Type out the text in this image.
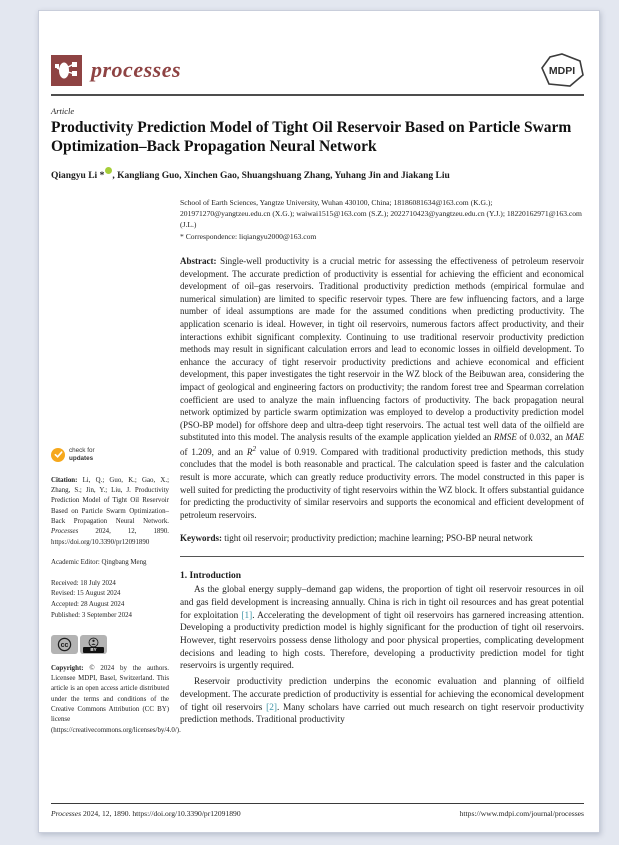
processes	MDPI
Article
Productivity Prediction Model of Tight Oil Reservoir Based on Particle Swarm Optimization–Back Propagation Neural Network
Qiangyu Li * , Kangliang Guo, Xinchen Gao, Shuangshuang Zhang, Yuhang Jin and Jiakang Liu
check for
updates
Citation: Li, Q.; Guo, K.; Gao, X.; Zhang, S.; Jin, Y.; Liu, J. Productivity Prediction Model of Tight Oil Reservoir Based on Particle Swarm Optimization–Back Propagation Neural Network. Processes 2024, 12, 1890. https://doi.org/10.3390/pr12091890
Academic Editor: Qingbang Meng
Received: 18 July 2024
Revised: 15 August 2024
Accepted: 28 August 2024
Published: 3 September 2024
cc
BY
Copyright: © 2024 by the authors. Licensee MDPI, Basel, Switzerland. This article is an open access article distributed under the terms and conditions of the Creative Commons Attribution (CC BY) license (https://creativecommons.org/licenses/by/4.0/).
School of Earth Sciences, Yangtze University, Wuhan 430100, China; 18186081634@163.com (K.G.); 201971270@yangtzeu.edu.cn (X.G.); waiwai1515@163.com (S.Z.); 2022710423@yangtzeu.edu.cn (Y.J.); 18220162971@163.com (J.L.)
* Correspondence: liqiangyu2000@163.com
Abstract: Single-well productivity is a crucial metric for assessing the effectiveness of petroleum reservoir development. The accurate prediction of productivity is essential for achieving the efficient and economical development of oil–gas reservoirs. Traditional productivity prediction methods (empirical formulae and numerical simulation) are limited to specific reservoir types. There are few influencing factors, and a large number of ideal assumptions are made for the assumed conditions when predicting productivity. The application scenario is ideal. However, in tight oil reservoirs, numerous factors affect productivity, and their interactions exhibit significant complexity. Continuing to use traditional reservoir productivity prediction methods may result in significant calculation errors and lead to economic losses in oilfield development. To enhance the accuracy of tight reservoir productivity predictions and achieve economical and efficient development, this paper investigates the tight reservoir in the WZ block of the Beibuwan area, considering the impact of geological and engineering factors on productivity; the random forest tree and Spearman correlation coefficient are used to analyze the main influencing factors of productivity. The back propagation neural network optimized by particle swarm optimization was employed to develop a productivity prediction model (PSO-BP model) for offshore deep and ultra-deep tight reservoirs. The actual test well data of the oilfield are substituted into this model. The analysis results of the example application yielded an RMSE of 0.032, an MAE of 1.209, and an $R^2$ value of 0.919. Compared with traditional productivity prediction methods, this study concludes that the model is both reasonable and practical. The calculation speed is faster and the calculation result is more accurate, which can greatly reduce productivity errors. The model constructed in this paper is well suited for predicting the productivity of tight reservoirs within the WZ block. It offers substantial guidance for predicting the productivity of similar reservoirs and supports the economical and efficient development of petroleum reservoirs.
Keywords: tight oil reservoir; productivity prediction; machine learning; PSO-BP neural network
1. Introduction

As the global energy supply–demand gap widens, the proportion of tight oil reservoir resources in oil and gas field development is increasing annually. China is rich in tight oil resources and has great potential for exploitation [1]. Accelerating the development of tight oil reservoirs has garnered increasing attention. Developing a productivity prediction model is highly significant for the production of tight oil reservoirs. However, tight reservoirs possess dense lithology and poor physical properties, complicating development decisions and leading to high costs. Therefore, developing a productivity prediction model for tight reservoirs is urgently required.

Reservoir productivity prediction underpins the economic evaluation and planning of oilfield development. The accurate prediction of productivity is essential for achieving the economical development of tight oil reservoirs [2]. Many scholars have carried out much research on tight reservoir productivity prediction methods. Traditional productivity

Processes 2024, 12, 1890. https://doi.org/10.3390/pr12091890	https://www.mdpi.com/journal/processes
